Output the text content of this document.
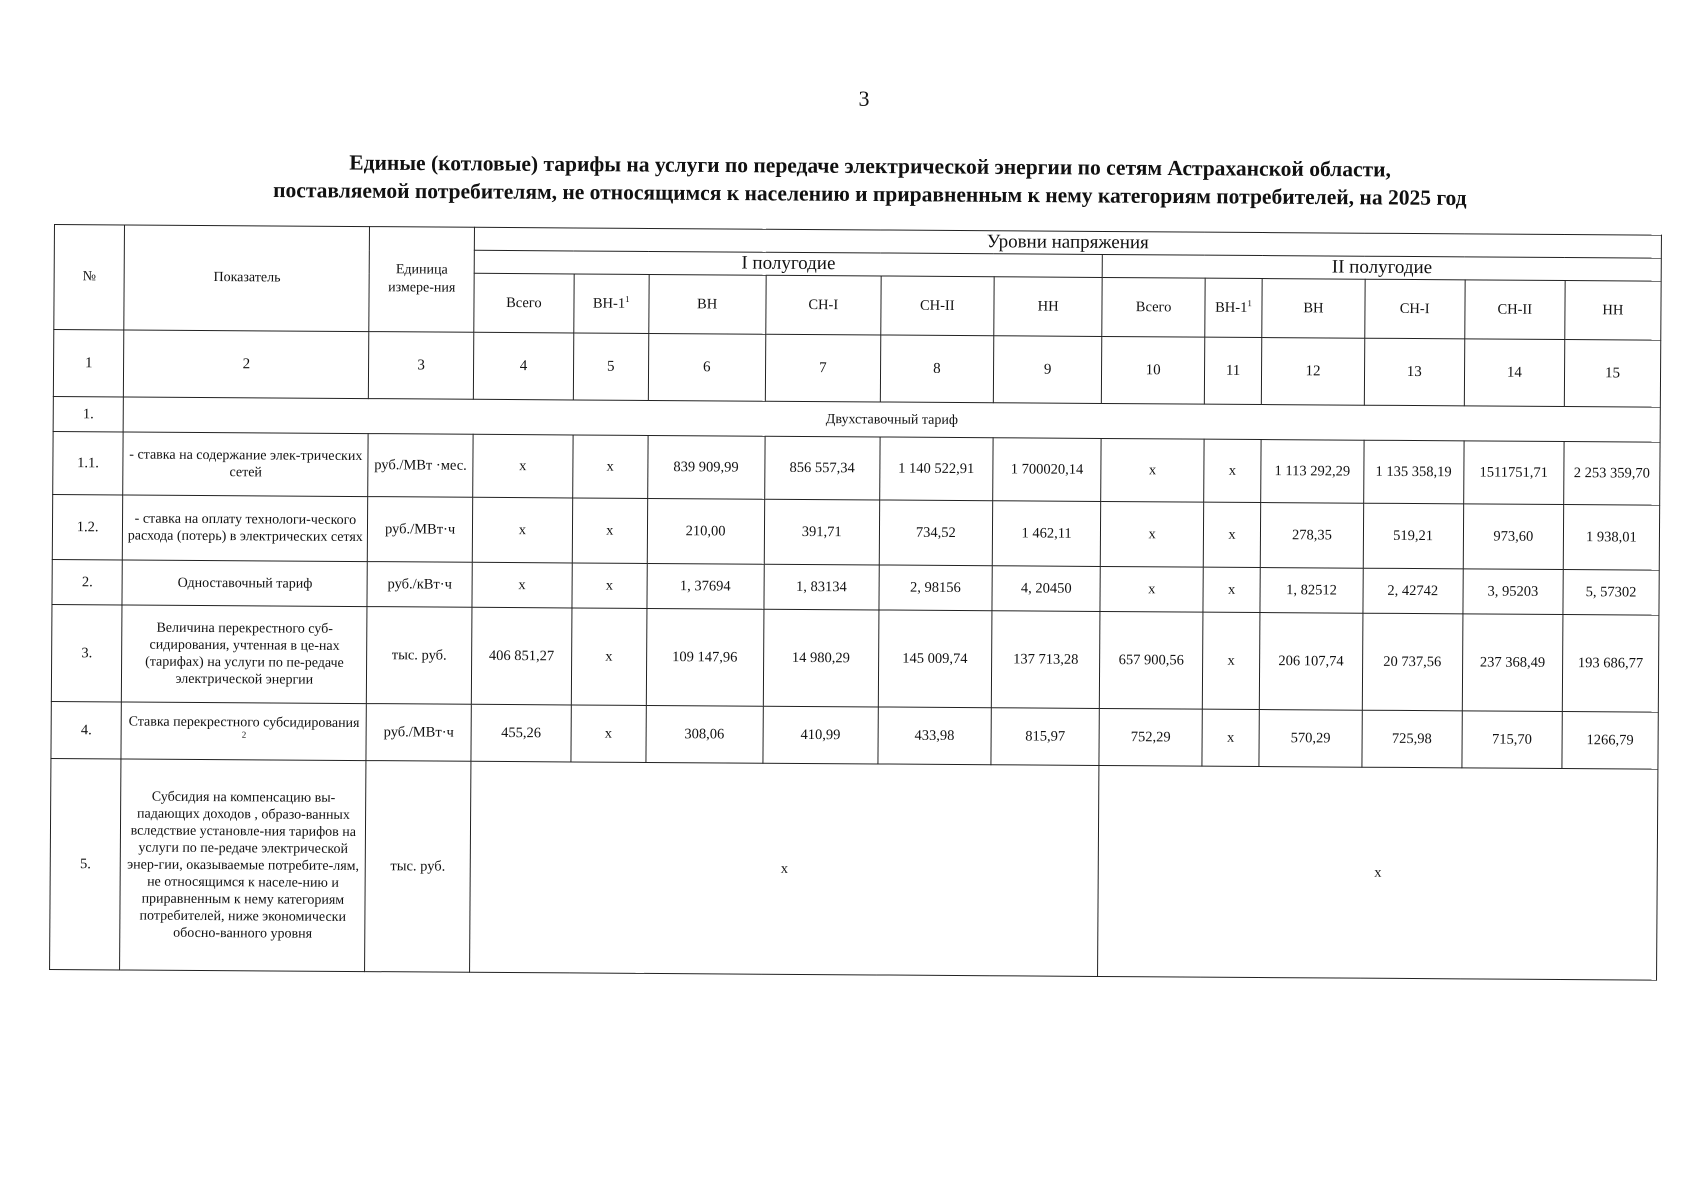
3
Единые (котловые) тарифы на услуги по передаче электрической энергии по сетям Астраханской области,
поставляемой потребителям, не относящимся к населению и приравненным к нему категориям потребителей, на 2025 год
№	Показатель	Единица измере-ния	Уровни напряжения											
			I полугодие						II полугодие					
			Всего	$ВН-1^1$	ВН	СН-I	СН-II	НН	Всего	$ВН-1^1$	ВН	СН-I	СН-II	НН
1	2	3	4	5	6	7	8	9	10	11	12	13	14	15
1.	Двухставочный тариф													
1.1.	- ставка на содержание элек-трических сетей	руб./МВт ·мес.	x	x	839 909,99	856 557,34	1 140 522,91	1 700020,14	x	x	1 113 292,29	1 135 358,19	1511751,71	2 253 359,70
1.2.	- ставка на оплату технологи-ческого расхода (потерь) в электрических сетях	руб./МВт·ч	x	x	210,00	391,71	734,52	1 462,11	x	x	278,35	519,21	973,60	1 938,01
2.	Одноставочный тариф	руб./кВт·ч	x	x	1, 37694	1, 83134	2, 98156	4, 20450	x	x	1, 82512	2, 42742	3, 95203	5, 57302
3.	Величина перекрестного суб-сидирования, учтенная в це-нах (тарифах) на услуги по пе-редаче электрической энергии	тыс. руб.	406 851,27	x	109 147,96	14 980,29	145 009,74	137 713,28	657 900,56	x	206 107,74	20 737,56	237 368,49	193 686,77
4.	Ставка перекрестного субсидирования $^2$	руб./МВт·ч	455,26	x	308,06	410,99	433,98	815,97	752,29	x	570,29	725,98	715,70	1266,79
5.	Субсидия на компенсацию вы-падающих доходов , образо-ванных вследствие установле-ния тарифов на услуги по пе-редаче электрической энер-гии, оказываемые потребите-лям, не относящимся к населе-нию и приравненным к нему категориям потребителей, ниже экономически обосно-ванного уровня	тыс. руб.	x						x					
